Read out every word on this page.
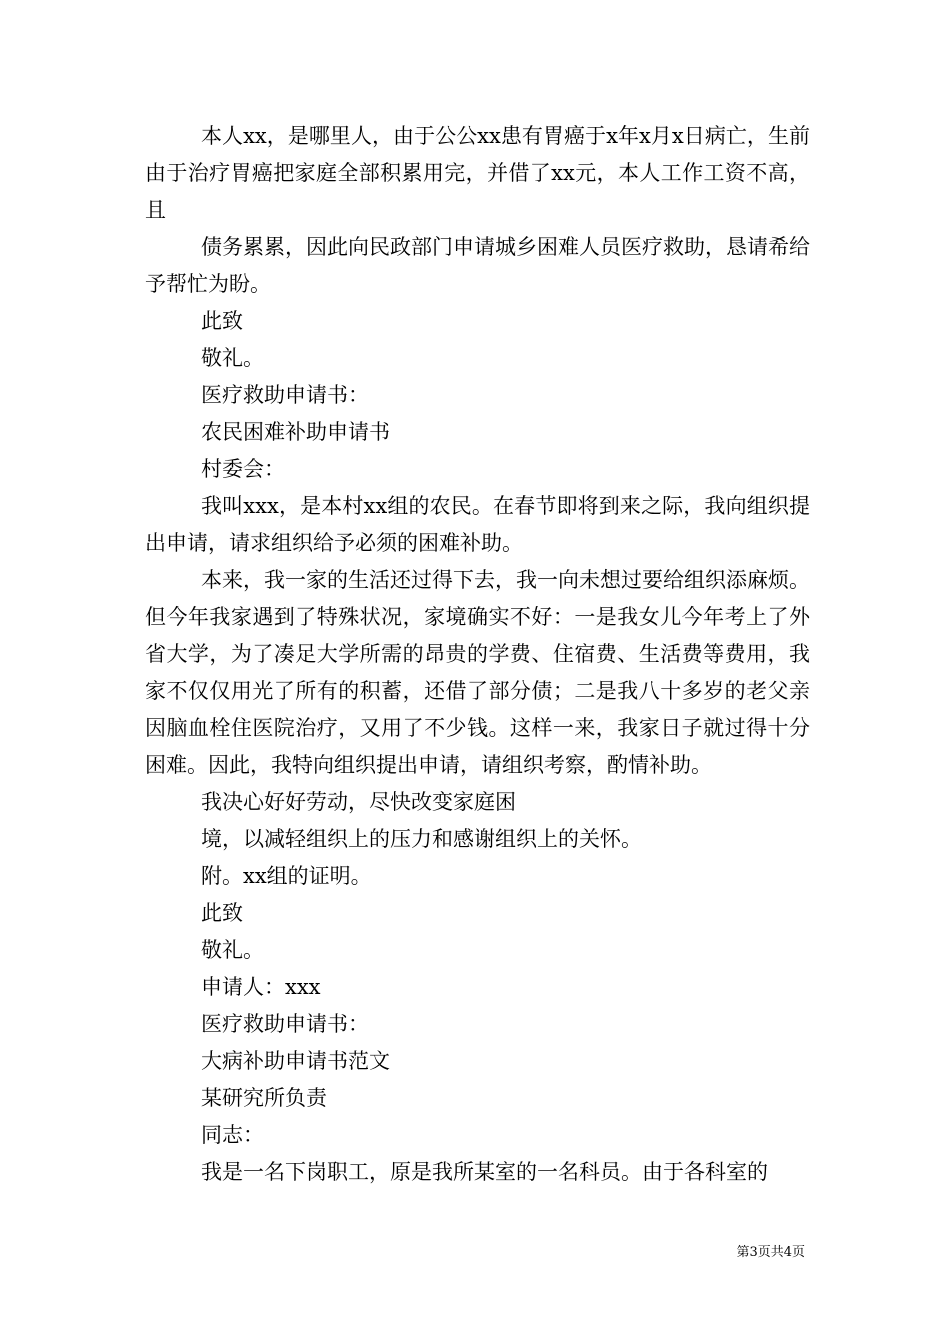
本人xx，是哪里人，由于公公xx患有胃癌于x年x月x日病亡，生前由于治疗胃癌把家庭全部积累用完，并借了xx元，本人工作工资不高，且

债务累累，因此向民政部门申请城乡困难人员医疗救助，恳请希给予帮忙为盼。

此致

敬礼。

医疗救助申请书：

农民困难补助申请书

村委会：

我叫xxx，是本村xx组的农民。在春节即将到来之际，我向组织提出申请，请求组织给予必须的困难补助。

本来，我一家的生活还过得下去，我一向未想过要给组织添麻烦。但今年我家遇到了特殊状况，家境确实不好：一是我女儿今年考上了外省大学，为了凑足大学所需的昂贵的学费、住宿费、生活费等费用，我家不仅仅用光了所有的积蓄，还借了部分债；二是我八十多岁的老父亲因脑血栓住医院治疗，又用了不少钱。这样一来，我家日子就过得十分困难。因此，我特向组织提出申请，请组织考察，酌情补助。

我决心好好劳动，尽快改变家庭困

境，以减轻组织上的压力和感谢组织上的关怀。

附。xx组的证明。

此致

敬礼。

申请人：xxx

医疗救助申请书：

大病补助申请书范文

某研究所负责

同志：

我是一名下岗职工，原是我所某室的一名科员。由于各科室的

第3页共4页
